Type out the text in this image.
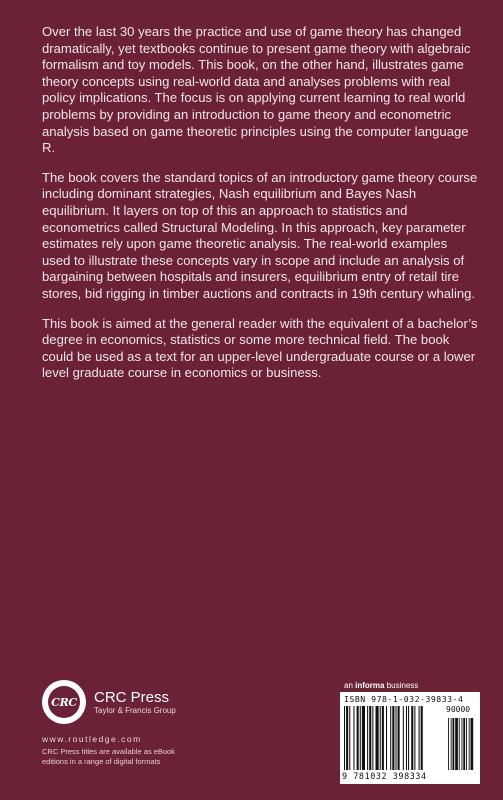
Over the last 30 years the practice and use of game theory has changed dramatically, yet textbooks continue to present game theory with algebraic formalism and toy models. This book, on the other hand, illustrates game theory concepts using real-world data and analyses problems with real policy implications. The focus is on applying current learning to real world problems by providing an introduction to game theory and econometric analysis based on game theoretic principles using the computer language R.

The book covers the standard topics of an introductory game theory course including dominant strategies, Nash equilibrium and Bayes Nash equilibrium. It layers on top of this an approach to statistics and econometrics called Structural Modeling. In this approach, key parameter estimates rely upon game theoretic analysis. The real-world examples used to illustrate these concepts vary in scope and include an analysis of bargaining between hospitals and insurers, equilibrium entry of retail tire stores, bid rigging in timber auctions and contracts in 19th century whaling.

This book is aimed at the general reader with the equivalent of a bachelor’s degree in economics, statistics or some more technical field. The book could be used as a text for an upper-level undergraduate course or a lower level graduate course in economics or business.

CRC CRC Press
Taylor & Francis Group
www.routledge.com
CRC Press titles are available as eBook editions in a range of digital formats
an informa business
ISBN 978-1-032-39833-4
90000
9 781032 398334
